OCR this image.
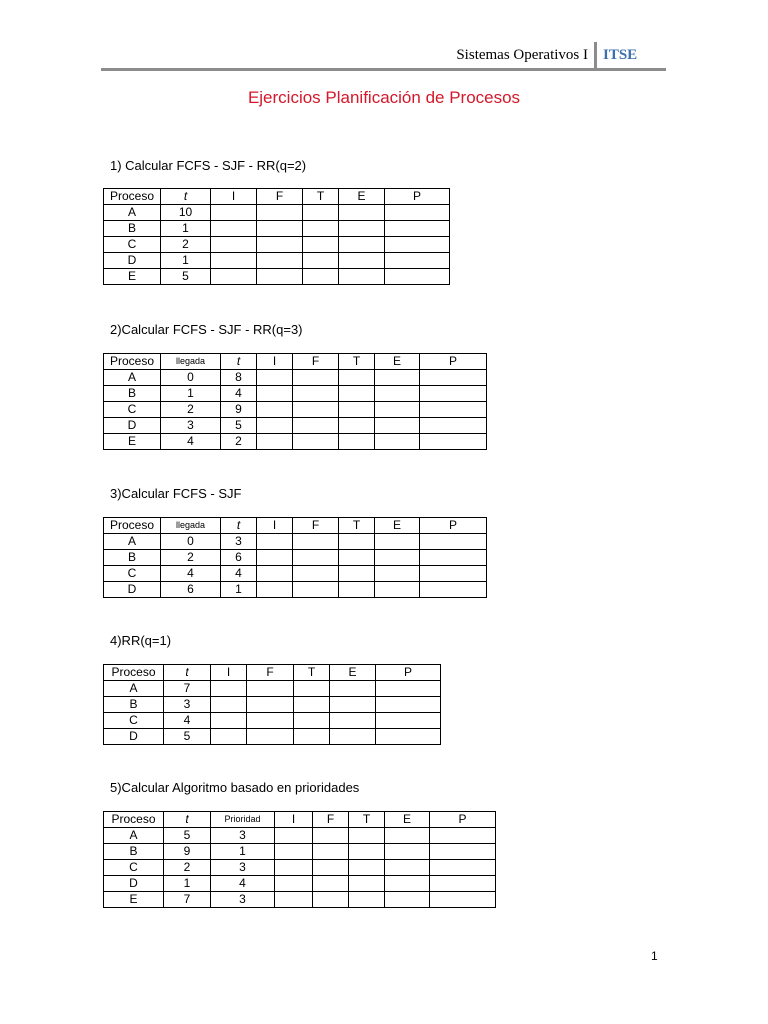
Sistemas Operativos I ITSE
Ejercicios Planificación de Procesos
1) Calcular FCFS - SJF - RR(q=2)
Proceso	t	I	F	T	E	P
A	10					
B	1					
C	2					
D	1					
E	5					
2)Calcular FCFS - SJF - RR(q=3)
Proceso	llegada	t	I	F	T	E	P
A	0	8					
B	1	4					
C	2	9					
D	3	5					
E	4	2					
3)Calcular FCFS - SJF
Proceso	llegada	t	I	F	T	E	P
A	0	3					
B	2	6					
C	4	4					
D	6	1					
4)RR(q=1)
Proceso	t	I	F	T	E	P
A	7					
B	3					
C	4					
D	5					
5)Calcular Algoritmo basado en prioridades
Proceso	t	Prioridad	I	F	T	E	P
A	5	3					
B	9	1					
C	2	3					
D	1	4					
E	7	3					
1
